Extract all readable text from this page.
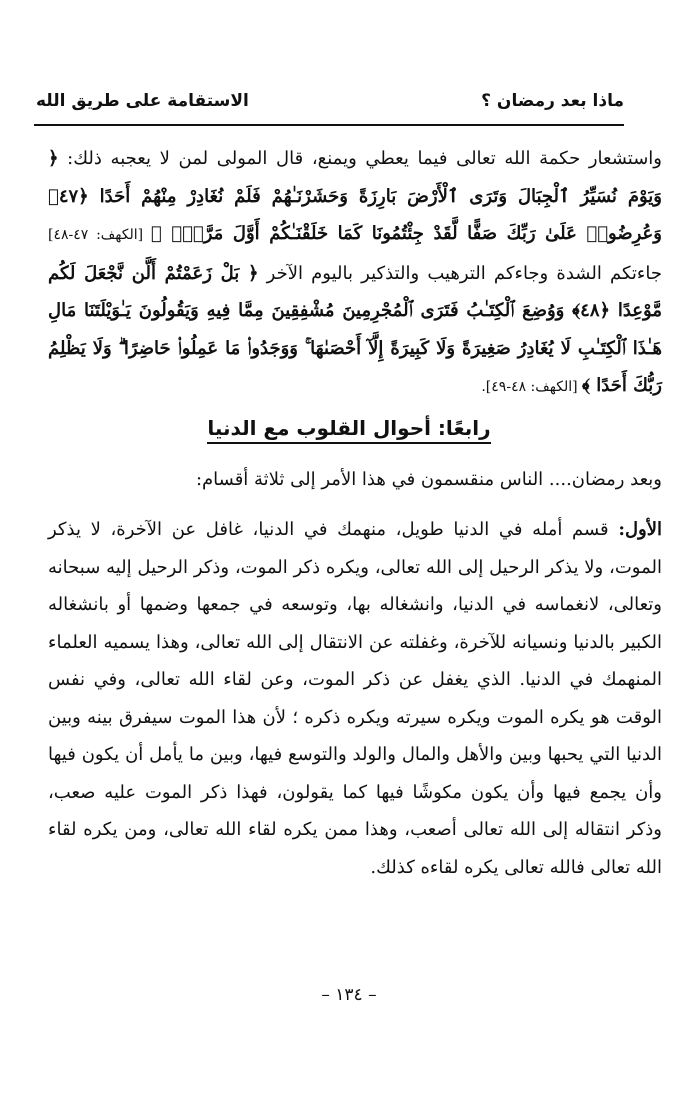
ماذا بعد رمضان ؟
الاستقامة على طريق الله

واستشعار حكمة الله تعالى فيما يعطي ويمنع، قال المولى لمن لا يعجبه ذلك: ﴿ وَيَوْمَ نُسَيِّرُ ٱلْجِبَالَ وَتَرَى ٱلْأَرْضَ بَارِزَةً وَحَشَرْنَـٰهُمْ فَلَمْ نُغَادِرْ مِنْهُمْ أَحَدًا ﴿٤٧﴾ وَعُرِضُوا۟ عَلَىٰ رَبِّكَ صَفًّا لَّقَدْ جِئْتُمُونَا كَمَا خَلَقْنَـٰكُمْ أَوَّلَ مَرَّةٍۭ ﴾ [الكهف: ٤٧-٤٨] جاءتكم الشدة وجاءكم الترهيب والتذكير باليوم الآخر ﴿ بَلْ زَعَمْتُمْ أَلَّن نَّجْعَلَ لَكُم مَّوْعِدًا ﴿٤٨﴾ وَوُضِعَ ٱلْكِتَـٰبُ فَتَرَى ٱلْمُجْرِمِينَ مُشْفِقِينَ مِمَّا فِيهِ وَيَقُولُونَ يَـٰوَيْلَتَنَا مَالِ هَـٰذَا ٱلْكِتَـٰبِ لَا يُغَادِرُ صَغِيرَةً وَلَا كَبِيرَةً إِلَّآ أَحْصَىٰهَا ۚ وَوَجَدُوا۟ مَا عَمِلُوا۟ حَاضِرًا ۗ وَلَا يَظْلِمُ رَبُّكَ أَحَدًا ﴾ [الكهف: ٤٨-٤٩].

رابعًا: أحوال القلوب مع الدنيا

وبعد رمضان.... الناس منقسمون في هذا الأمر إلى ثلاثة أقسام:

الأول: قسم أمله في الدنيا طويل، منهمك في الدنيا، غافل عن الآخرة، لا يذكر الموت، ولا يذكر الرحيل إلى الله تعالى، ويكره ذكر الموت، وذكر الرحيل إليه سبحانه وتعالى، لانغماسه في الدنيا، وانشغاله بها، وتوسعه في جمعها وضمها أو بانشغاله الكبير بالدنيا ونسيانه للآخرة، وغفلته عن الانتقال إلى الله تعالى، وهذا يسميه العلماء المنهمك في الدنيا. الذي يغفل عن ذكر الموت، وعن لقاء الله تعالى، وفي نفس الوقت هو يكره الموت ويكره سيرته ويكره ذكره ؛ لأن هذا الموت سيفرق بينه وبين الدنيا التي يحبها وبين والأهل والمال والولد والتوسع فيها، وبين ما يأمل أن يكون فيها وأن يجمع فيها وأن يكون مكوشًا فيها كما يقولون، فهذا ذكر الموت عليه صعب، وذكر انتقاله إلى الله تعالى أصعب، وهذا ممن يكره لقاء الله تعالى، ومن يكره لقاء الله تعالى فالله تعالى يكره لقاءه كذلك.

– ١٣٤ –
